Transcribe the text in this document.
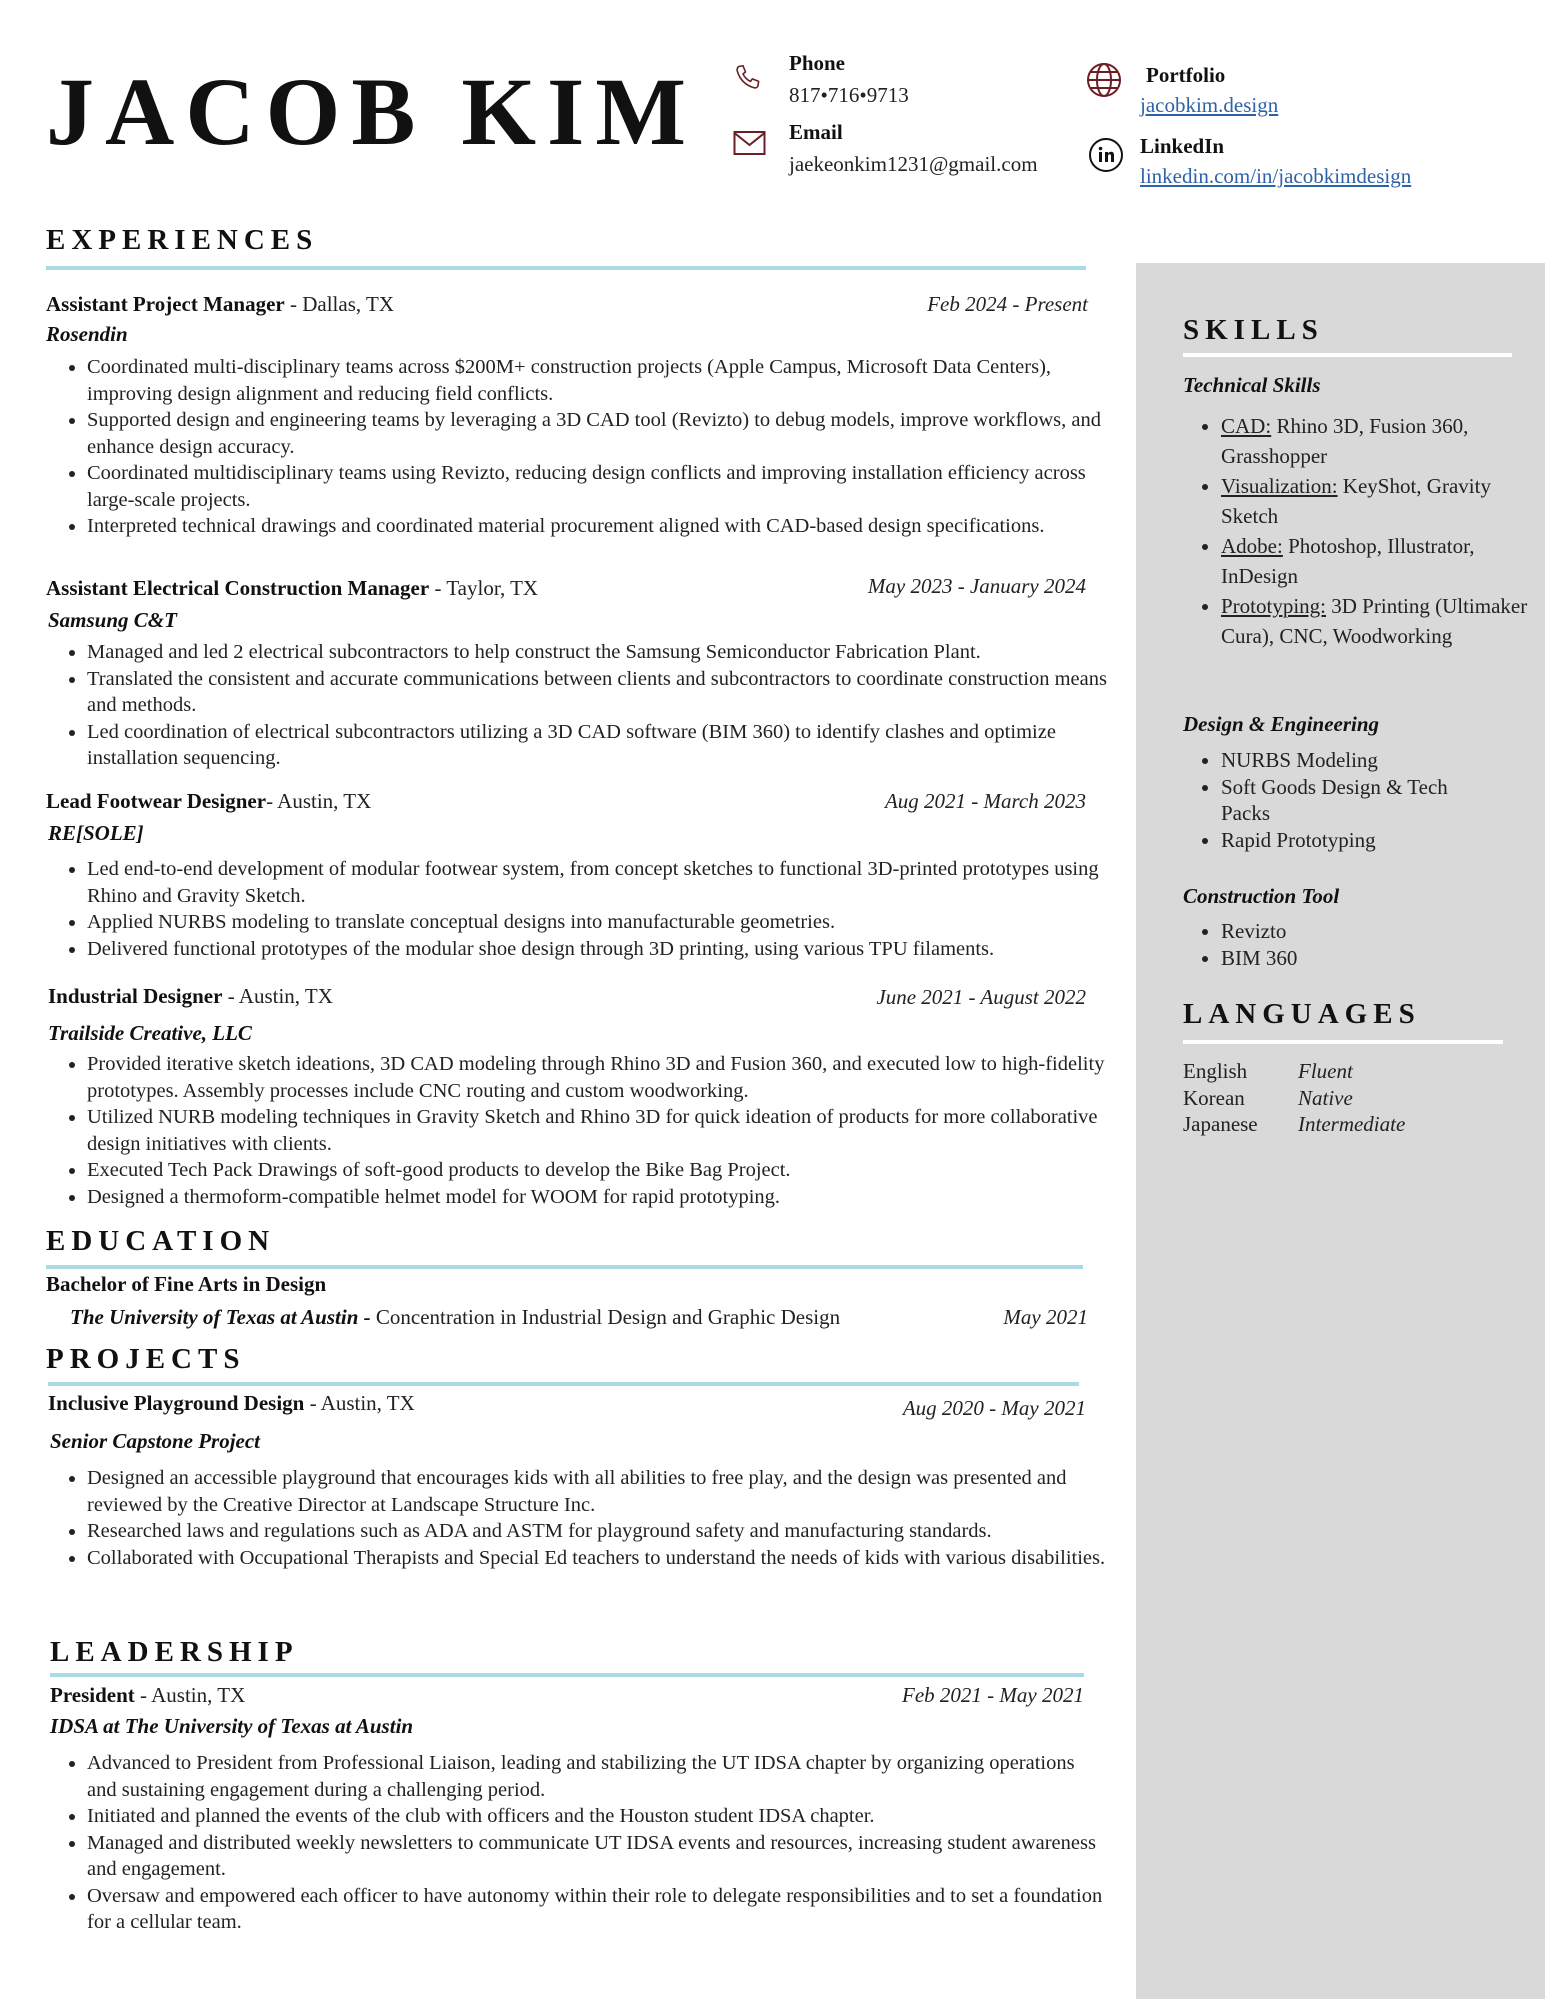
JACOB KIM	Phone
817•716•9713
Email
jaekeonkim1231@gmail.com
Portfolio
jacobkim.design
LinkedIn
linkedin.com/in/jacobkimdesign
EXPERIENCES
Assistant Project Manager - Dallas, TX	Feb 2024 - Present
Rosendin
• Coordinated multi-disciplinary teams across $200M+ construction projects (Apple Campus, Microsoft Data Centers), improving design alignment and reducing field conflicts.
• Supported design and engineering teams by leveraging a 3D CAD tool (Revizto) to debug models, improve workflows, and enhance design accuracy.
• Coordinated multidisciplinary teams using Revizto, reducing design conflicts and improving installation efficiency across large-scale projects.
• Interpreted technical drawings and coordinated material procurement aligned with CAD-based design specifications.
Assistant Electrical Construction Manager - Taylor, TX	May 2023 - January 2024
Samsung C&T
• Managed and led 2 electrical subcontractors to help construct the Samsung Semiconductor Fabrication Plant.
• Translated the consistent and accurate communications between clients and subcontractors to coordinate construction means and methods.
• Led coordination of electrical subcontractors utilizing a 3D CAD software (BIM 360) to identify clashes and optimize installation sequencing.
Lead Footwear Designer- Austin, TX	Aug 2021 - March 2023
RE[SOLE]
• Led end-to-end development of modular footwear system, from concept sketches to functional 3D-printed prototypes using Rhino and Gravity Sketch.
• Applied NURBS modeling to translate conceptual designs into manufacturable geometries.
• Delivered functional prototypes of the modular shoe design through 3D printing, using various TPU filaments.
Industrial Designer - Austin, TX	June 2021 - August 2022
Trailside Creative, LLC
• Provided iterative sketch ideations, 3D CAD modeling through Rhino 3D and Fusion 360, and executed low to high-fidelity prototypes. Assembly processes include CNC routing and custom woodworking.
• Utilized NURB modeling techniques in Gravity Sketch and Rhino 3D for quick ideation of products for more collaborative design initiatives with clients.
• Executed Tech Pack Drawings of soft-good products to develop the Bike Bag Project.
• Designed a thermoform-compatible helmet model for WOOM for rapid prototyping.
EDUCATION
Bachelor of Fine Arts in Design
The University of Texas at Austin - Concentration in Industrial Design and Graphic Design	May 2021
PROJECTS
Inclusive Playground Design - Austin, TX	Aug 2020 - May 2021
Senior Capstone Project
• Designed an accessible playground that encourages kids with all abilities to free play, and the design was presented and reviewed by the Creative Director at Landscape Structure Inc.
• Researched laws and regulations such as ADA and ASTM for playground safety and manufacturing standards.
• Collaborated with Occupational Therapists and Special Ed teachers to understand the needs of kids with various disabilities.
LEADERSHIP
President - Austin, TX	Feb 2021 - May 2021
IDSA at The University of Texas at Austin
• Advanced to President from Professional Liaison, leading and stabilizing the UT IDSA chapter by organizing operations and sustaining engagement during a challenging period.
• Initiated and planned the events of the club with officers and the Houston student IDSA chapter.
• Managed and distributed weekly newsletters to communicate UT IDSA events and resources, increasing student awareness and engagement.
• Oversaw and empowered each officer to have autonomy within their role to delegate responsibilities and to set a foundation for a cellular team.
SKILLS
Technical Skills
• CAD: Rhino 3D, Fusion 360, Grasshopper
• Visualization: KeyShot, Gravity Sketch
• Adobe: Photoshop, Illustrator, InDesign
• Prototyping: 3D Printing (Ultimaker Cura), CNC, Woodworking
Design & Engineering
• NURBS Modeling
• Soft Goods Design & Tech Packs
• Rapid Prototyping
Construction Tool
• Revizto
• BIM 360
LANGUAGES
English	Fluent
Korean	Native
Japanese	Intermediate
